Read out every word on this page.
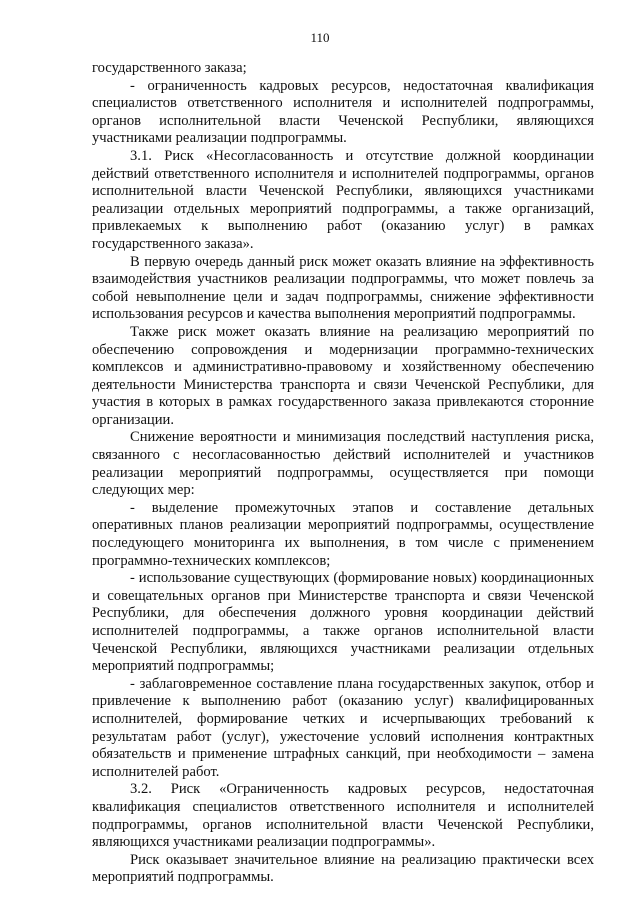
110

государственного заказа;

- ограниченность кадровых ресурсов, недостаточная квалификация специалистов ответственного исполнителя и исполнителей подпрограммы, органов исполнительной власти Чеченской Республики, являющихся участниками реализации подпрограммы.

3.1. Риск «Несогласованность и отсутствие должной координации действий ответственного исполнителя и исполнителей подпрограммы, органов исполнительной власти Чеченской Республики, являющихся участниками реализации отдельных мероприятий подпрограммы, а также организаций, привлекаемых к выполнению работ (оказанию услуг) в рамках государственного заказа».

В первую очередь данный риск может оказать влияние на эффективность взаимодействия участников реализации подпрограммы, что может повлечь за собой невыполнение цели и задач подпрограммы, снижение эффективности использования ресурсов и качества выполнения мероприятий подпрограммы.

Также риск может оказать влияние на реализацию мероприятий по обеспечению сопровождения и модернизации программно-технических комплексов и административно-правовому и хозяйственному обеспечению деятельности Министерства транспорта и связи Чеченской Республики, для участия в которых в рамках государственного заказа привлекаются сторонние организации.

Снижение вероятности и минимизация последствий наступления риска, связанного с несогласованностью действий исполнителей и участников реализации мероприятий подпрограммы, осуществляется при помощи следующих мер:

- выделение промежуточных этапов и составление детальных оперативных планов реализации мероприятий подпрограммы, осуществление последующего мониторинга их выполнения, в том числе с применением программно-технических комплексов;

- использование существующих (формирование новых) координационных и совещательных органов при Министерстве транспорта и связи Чеченской Республики, для обеспечения должного уровня координации действий исполнителей подпрограммы, а также органов исполнительной власти Чеченской Республики, являющихся участниками реализации отдельных мероприятий подпрограммы;

- заблаговременное составление плана государственных закупок, отбор и привлечение к выполнению работ (оказанию услуг) квалифицированных исполнителей, формирование четких и исчерпывающих требований к результатам работ (услуг), ужесточение условий исполнения контрактных обязательств и применение штрафных санкций, при необходимости – замена исполнителей работ.

3.2. Риск «Ограниченность кадровых ресурсов, недостаточная квалификация специалистов ответственного исполнителя и исполнителей подпрограммы, органов исполнительной власти Чеченской Республики, являющихся участниками реализации подпрограммы».

Риск оказывает значительное влияние на реализацию практически всех мероприятий подпрограммы.
